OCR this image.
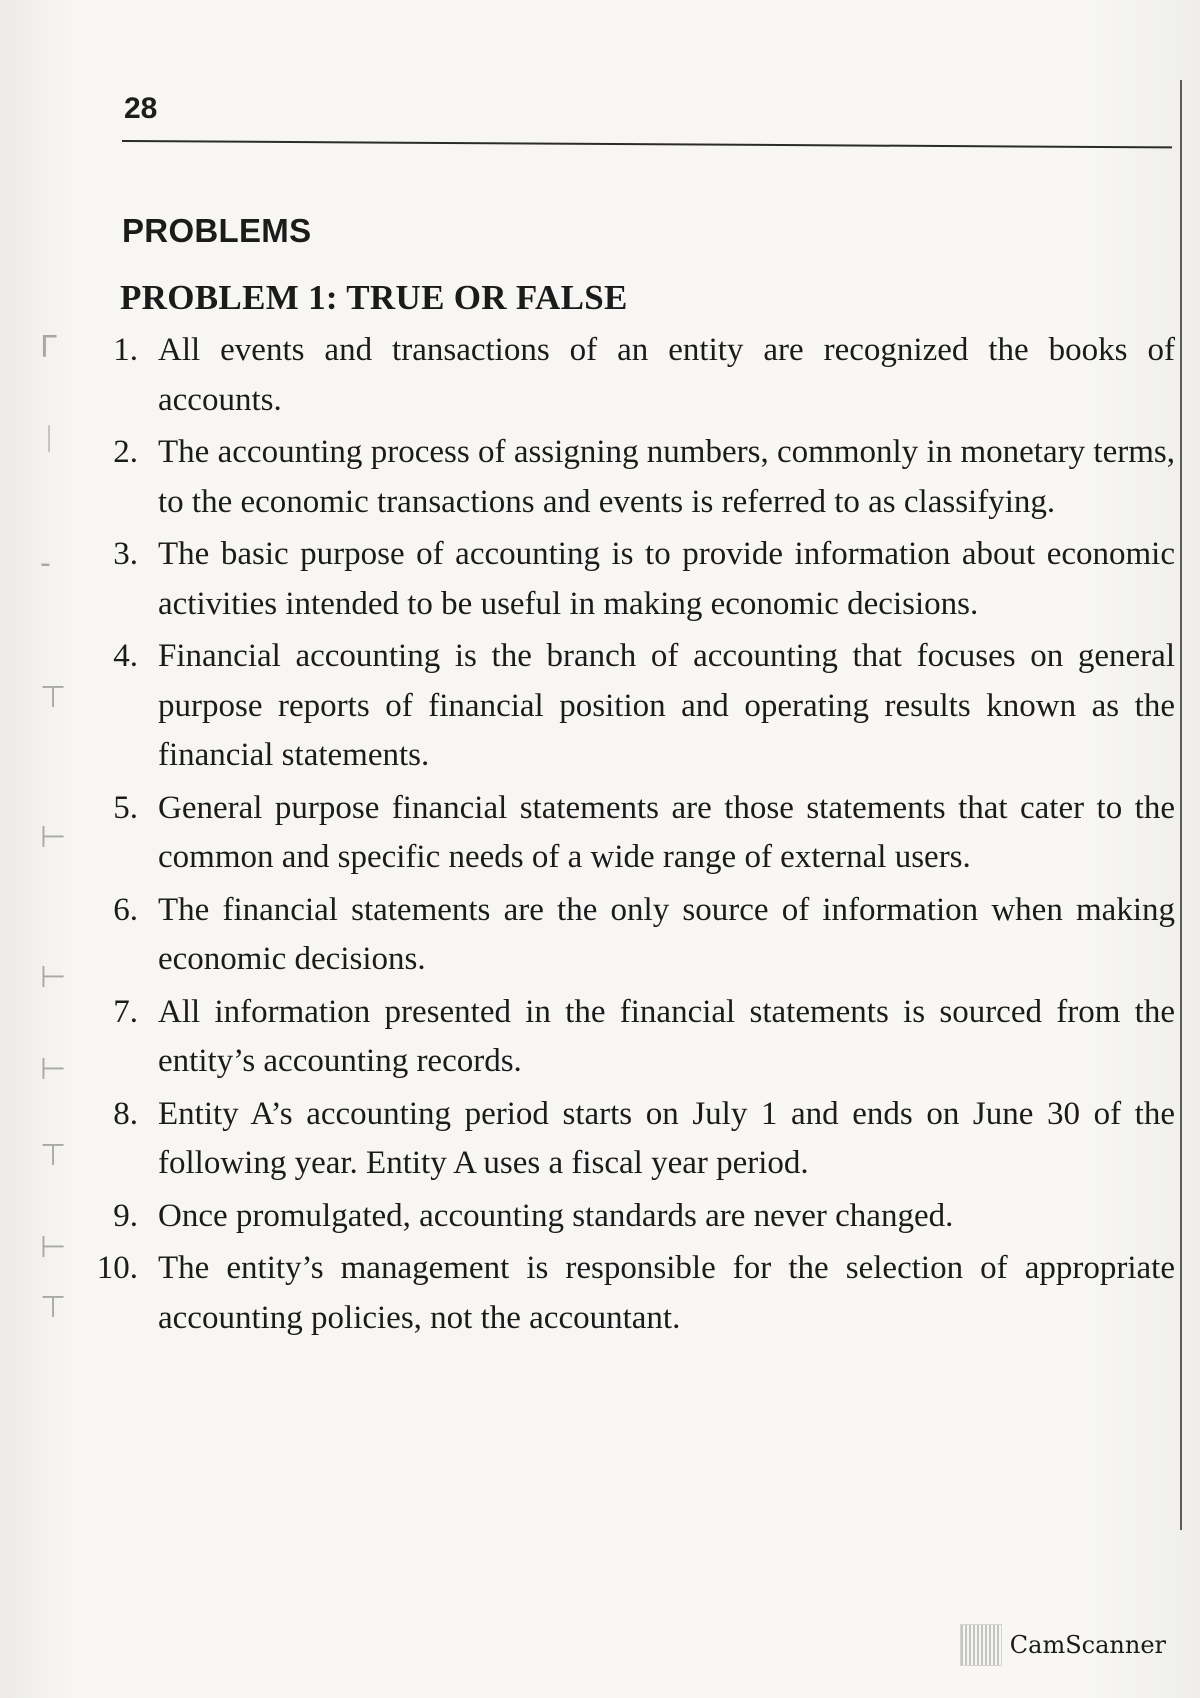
28
PROBLEMS
PROBLEM 1: TRUE OR FALSE
ᒥ
ᛁ
-
⊤
⊢
⊢
⊢
⊤
⊢
⊤
1. All events and transactions of an entity are recognized the books of accounts.
2. The accounting process of assigning numbers, commonly in monetary terms, to the economic transactions and events is referred to as classifying.
3. The basic purpose of accounting is to provide information about economic activities intended to be useful in making economic decisions.
4. Financial accounting is the branch of accounting that focuses on general purpose reports of financial position and operating results known as the financial statements.
5. General purpose financial statements are those statements that cater to the common and specific needs of a wide range of external users.
6. The financial statements are the only source of information when making economic decisions.
7. All information presented in the financial statements is sourced from the entity’s accounting records.
8. Entity A’s accounting period starts on July 1 and ends on June 30 of the following year. Entity A uses a fiscal year period.
9. Once promulgated, accounting standards are never changed.
10. The entity’s management is responsible for the selection of appropriate accounting policies, not the accountant.
CamScanner
